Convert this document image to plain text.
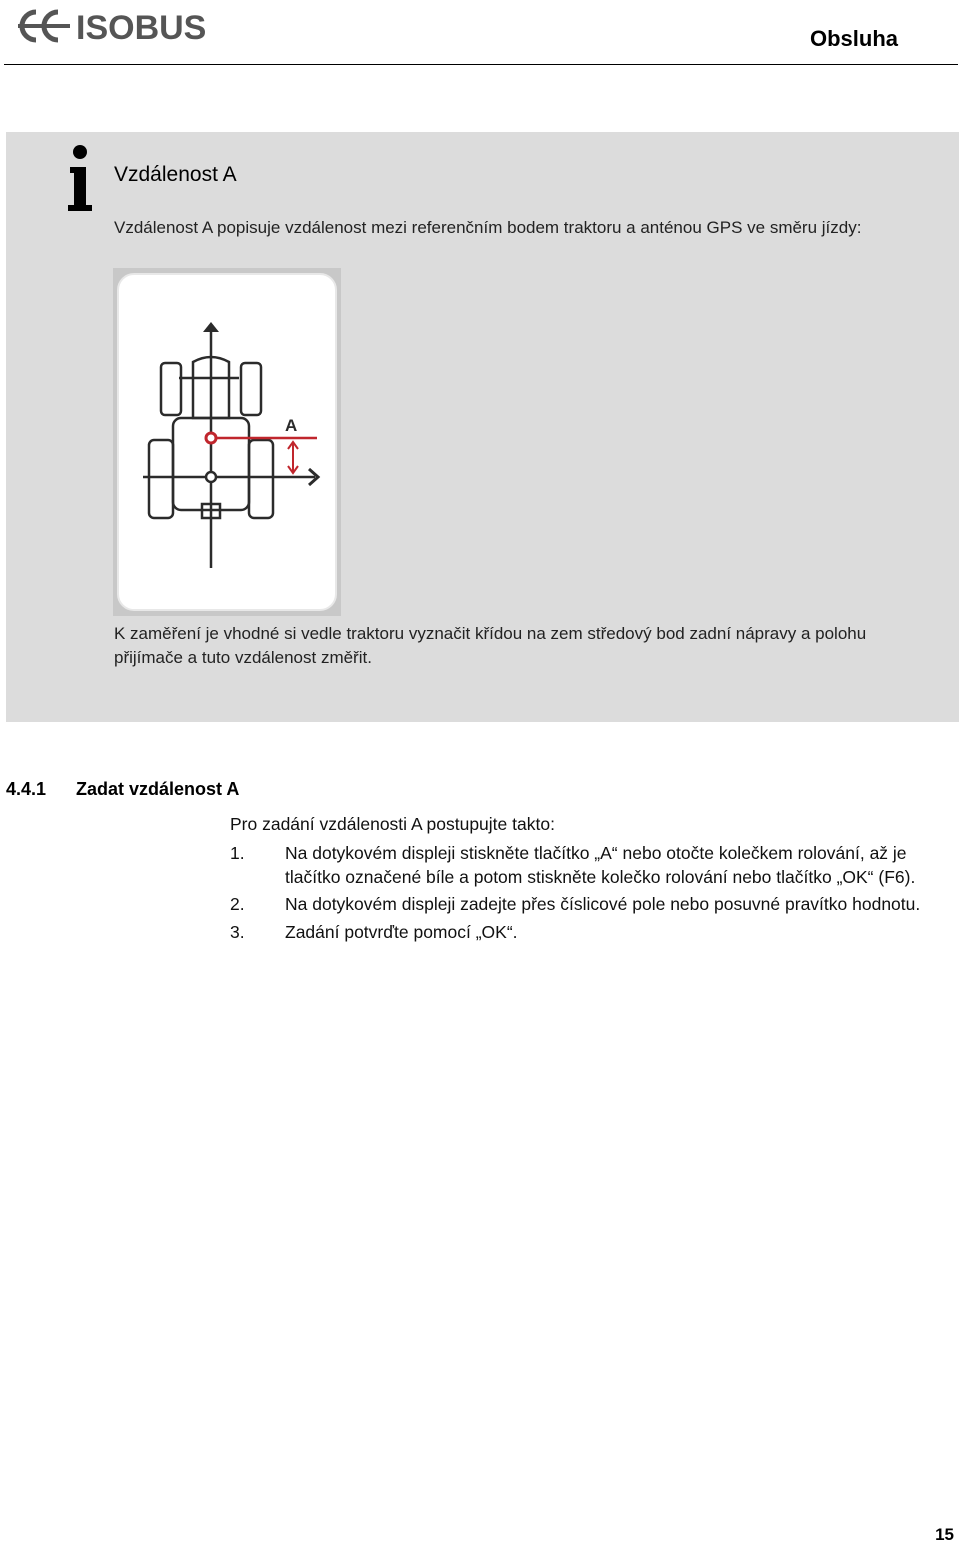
ISOBUS	Obsluha
Vzdálenost A
Vzdálenost A popisuje vzdálenost mezi referenčním bodem traktoru a anténou GPS ve směru jízdy:
A
K zaměření je vhodné si vedle traktoru vyznačit křídou na zem středový bod zadní nápravy a polohu přijímače a tuto vzdálenost změřit.
4.4.1 Zadat vzdálenost A
Pro zadání vzdálenosti A postupujte takto:
1.	Na dotykovém displeji stiskněte tlačítko „A“ nebo otočte kolečkem rolování, až je tlačítko označené bíle a potom stiskněte kolečko rolování nebo tlačítko „OK“ (F6).
2.	Na dotykovém displeji zadejte přes číslicové pole nebo posuvné pravítko hodnotu.
3.	Zadání potvrďte pomocí „OK“.
15
